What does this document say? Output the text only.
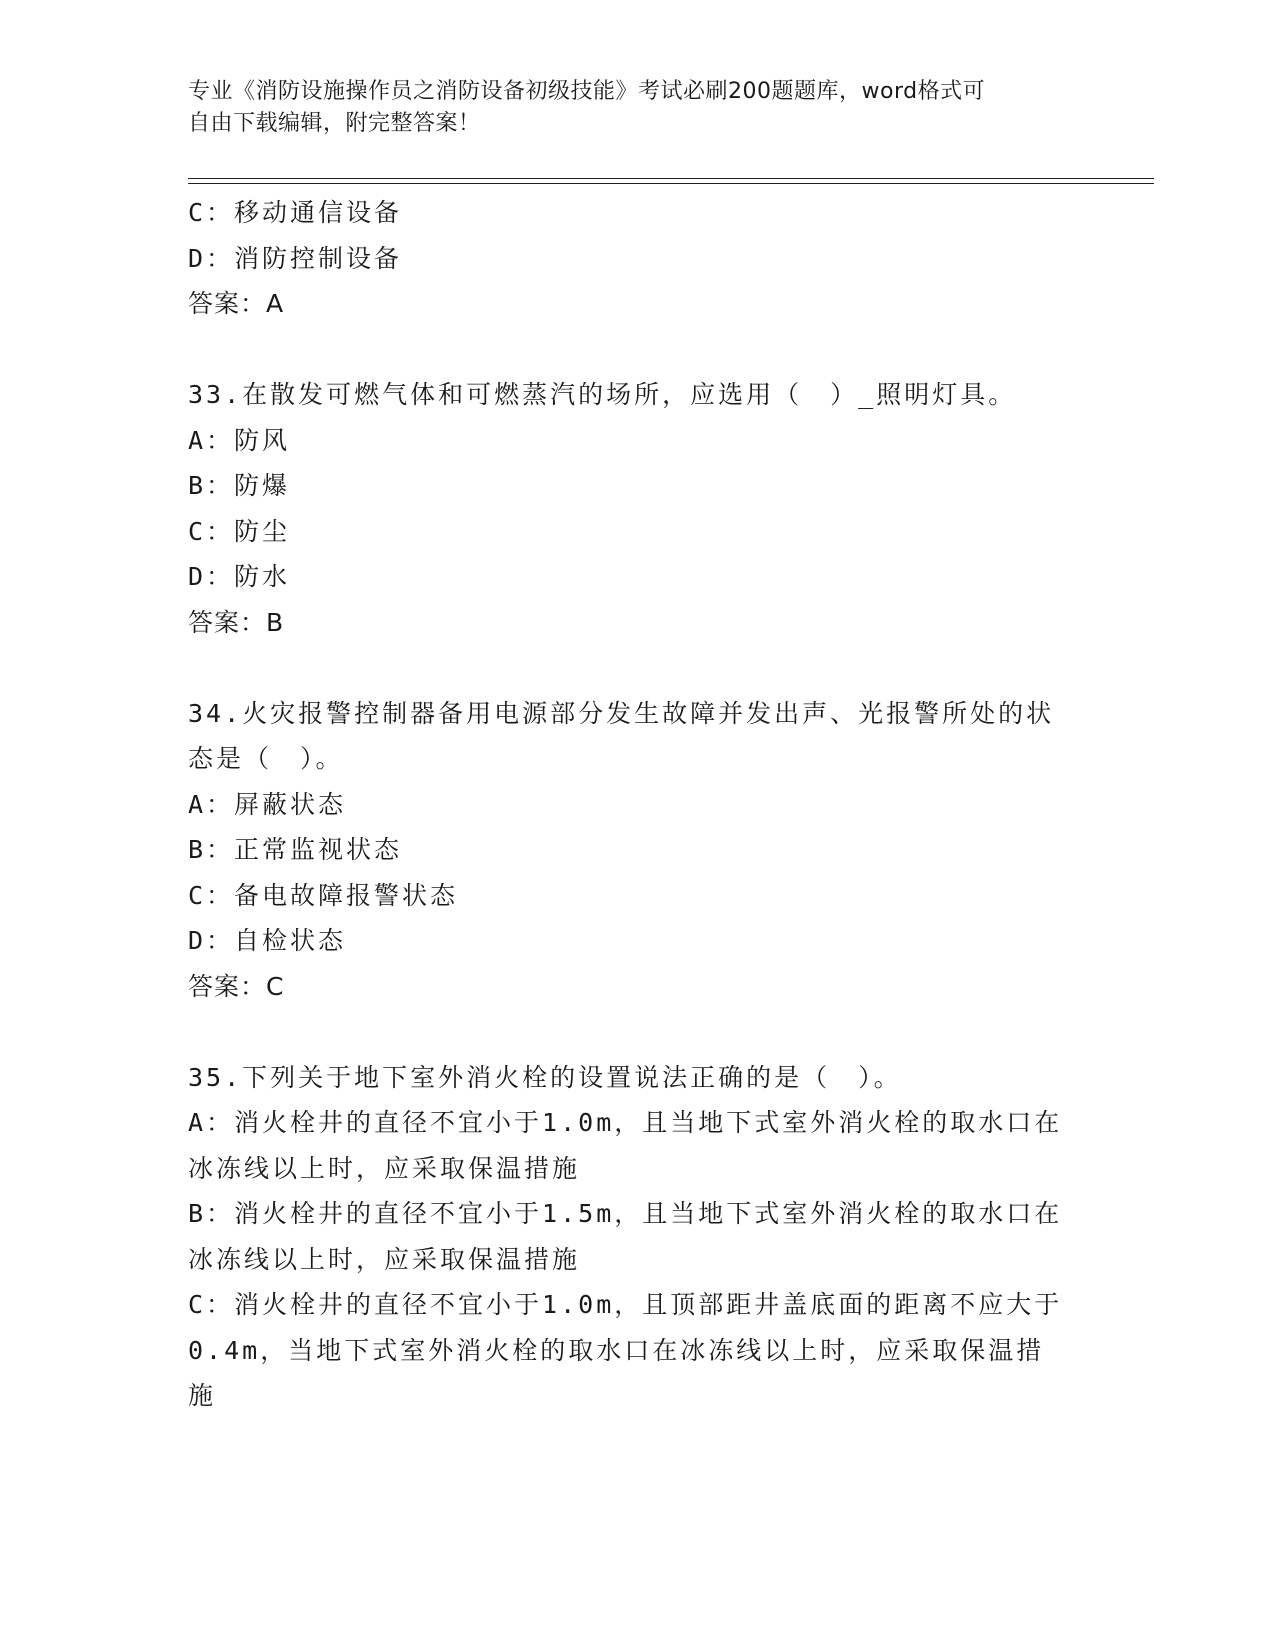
专业《消防设施操作员之消防设备初级技能》考试必刷200题题库，word格式可
自由下载编辑，附完整答案！
C：移动通信设备
D：消防控制设备
答案：A
33.在散发可燃气体和可燃蒸汽的场所，应选用（　）_照明灯具。
A：防风
B：防爆
C：防尘
D：防水
答案：B
34.火灾报警控制器备用电源部分发生故障并发出声、光报警所处的状
态是（　）。
A：屏蔽状态
B：正常监视状态
C：备电故障报警状态
D：自检状态
答案：C
35.下列关于地下室外消火栓的设置说法正确的是（　）。
A：消火栓井的直径不宜小于1.0m，且当地下式室外消火栓的取水口在
冰冻线以上时，应采取保温措施
B：消火栓井的直径不宜小于1.5m，且当地下式室外消火栓的取水口在
冰冻线以上时，应采取保温措施
C：消火栓井的直径不宜小于1.0m，且顶部距井盖底面的距离不应大于
0.4m，当地下式室外消火栓的取水口在冰冻线以上时，应采取保温措
施
